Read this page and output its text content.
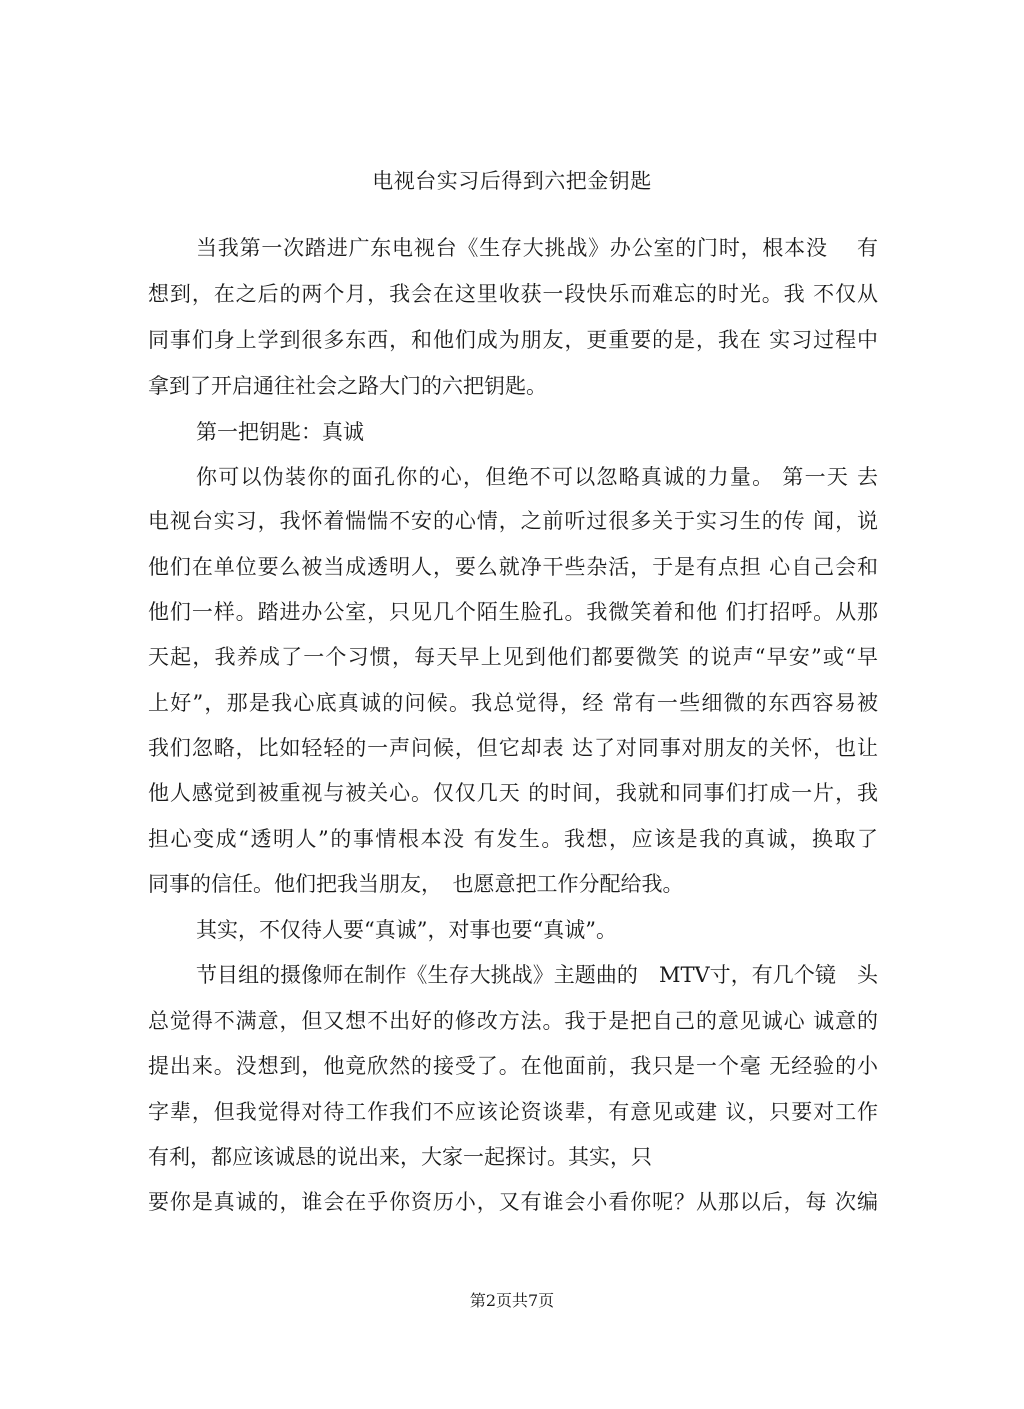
电视台实习后得到六把金钥匙
当我第一次踏进广东电视台《生存大挑战》办公室的门时，根本没　 有
想到，在之后的两个月，我会在这里收获一段快乐而难忘的时光。我 不仅从
同事们身上学到很多东西，和他们成为朋友，更重要的是，我在 实习过程中
拿到了开启通往社会之路大门的六把钥匙。
第一把钥匙：真诚
你可以伪装你的面孔你的心，但绝不可以忽略真诚的力量。 第一天 去
电视台实习，我怀着惴惴不安的心情，之前听过很多关于实习生的传 闻，说
他们在单位要么被当成透明人，要么就净干些杂活，于是有点担 心自己会和
他们一样。踏进办公室，只见几个陌生脸孔。我微笑着和他 们打招呼。从那
天起，我养成了一个习惯，每天早上见到他们都要微笑 的说声“早安”或“早
上好”，那是我心底真诚的问候。我总觉得，经 常有一些细微的东西容易被
我们忽略，比如轻轻的一声问候，但它却表 达了对同事对朋友的关怀，也让
他人感觉到被重视与被关心。仅仅几天 的时间，我就和同事们打成一片，我
担心变成“透明人”的事情根本没 有发生。我想，应该是我的真诚，换取了
同事的信任。他们把我当朋友，　也愿意把工作分配给我。
其实，不仅待人要“真诚”，对事也要“真诚”。
节目组的摄像师在制作《生存大挑战》主题曲的　MTV寸，有几个镜　头
总觉得不满意，但又想不出好的修改方法。我于是把自己的意见诚心 诚意的
提出来。没想到，他竟欣然的接受了。在他面前，我只是一个毫 无经验的小
字辈，但我觉得对待工作我们不应该论资谈辈，有意见或建 议，只要对工作
有利，都应该诚恳的说出来，大家一起探讨。其实，只
要你是真诚的，谁会在乎你资历小，又有谁会小看你呢？从那以后，每 次编
第2页共7页
